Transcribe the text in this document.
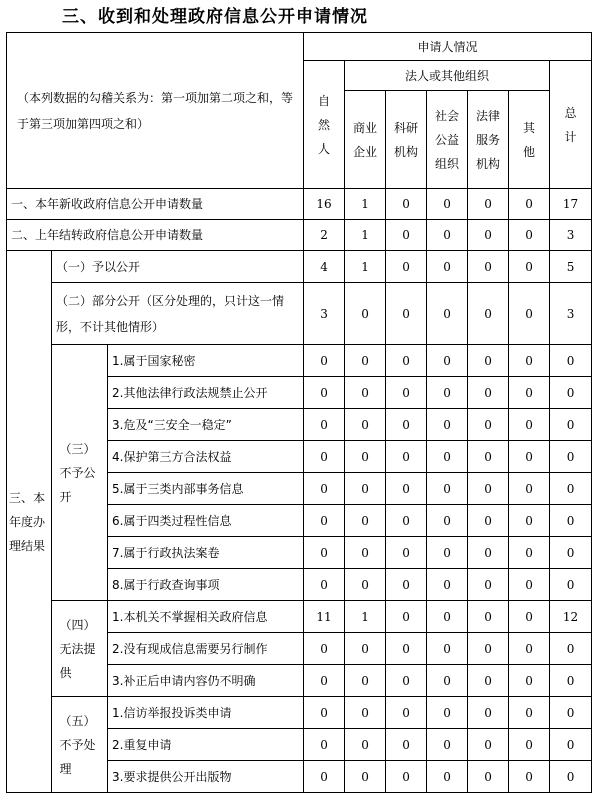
三、收到和处理政府信息公开申请情况
（本列数据的勾稽关系为：第一项加第二项之和，等于第三项加第四项之和）			申请人情况						
			自然人	法人或其他组织					总计
				商业企业	科研机构	社会公益组织	法律服务机构	其他	
一、本年新收政府信息公开申请数量			16	1	0	0	0	0	17
二、上年结转政府信息公开申请数量			2	1	0	0	0	0	3
三、本年度办理结果	（一）予以公开		4	1	0	0	0	0	5
	（二）部分公开（区分处理的，只计这一情形，不计其他情形）		3	0	0	0	0	0	3
	（三）不予公开	1.属于国家秘密	0	0	0	0	0	0	0
		2.其他法律行政法规禁止公开	0	0	0	0	0	0	0
		3.危及“三安全一稳定”	0	0	0	0	0	0	0
		4.保护第三方合法权益	0	0	0	0	0	0	0
		5.属于三类内部事务信息	0	0	0	0	0	0	0
		6.属于四类过程性信息	0	0	0	0	0	0	0
		7.属于行政执法案卷	0	0	0	0	0	0	0
		8.属于行政查询事项	0	0	0	0	0	0	0
	（四）无法提供	1.本机关不掌握相关政府信息	11	1	0	0	0	0	12
		2.没有现成信息需要另行制作	0	0	0	0	0	0	0
		3.补正后申请内容仍不明确	0	0	0	0	0	0	0
	（五）不予处理	1.信访举报投诉类申请	0	0	0	0	0	0	0
		2.重复申请	0	0	0	0	0	0	0
		3.要求提供公开出版物	0	0	0	0	0	0	0
